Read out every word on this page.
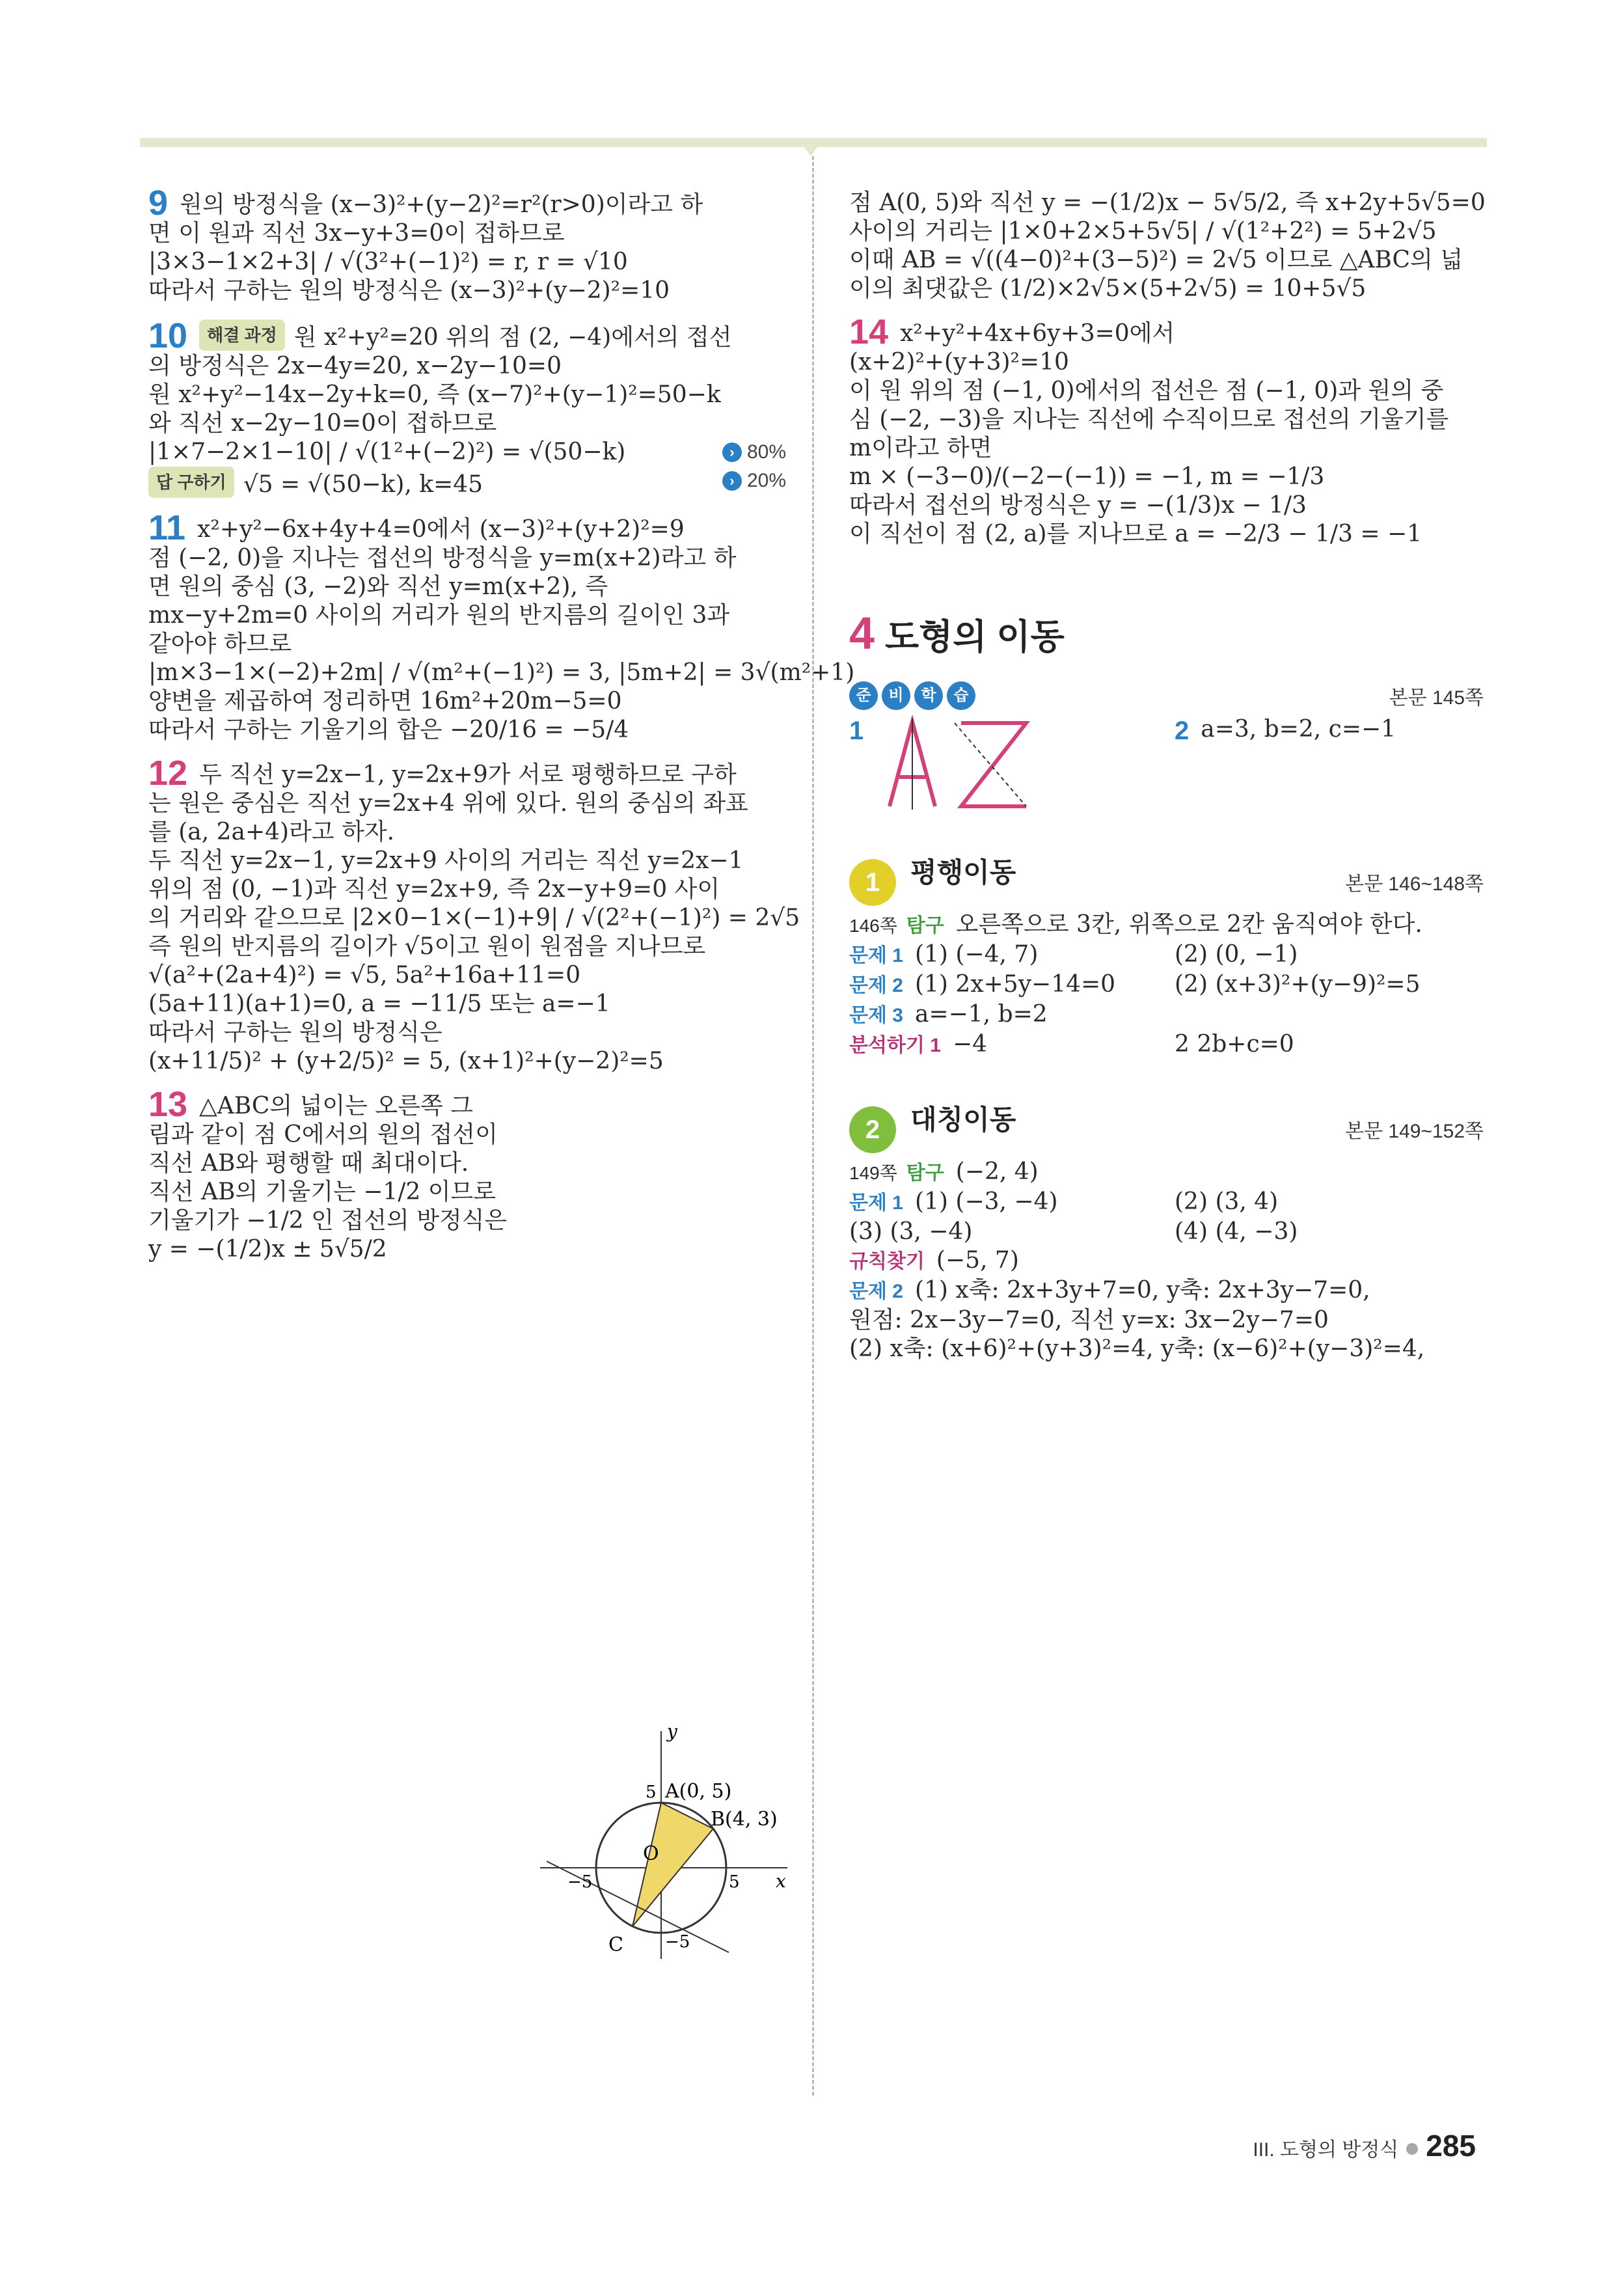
9 원의 방정식을 (x−3)²+(y−2)²=r²(r>0)이라고 하
면 이 원과 직선 3x−y+3=0이 접하므로
|3×3−1×2+3| / √(3²+(−1)²) = r, r = √10
따라서 구하는 원의 방정식은 (x−3)²+(y−2)²=10
10 해결 과정 원 x²+y²=20 위의 점 (2, −4)에서의 접선
의 방정식은 2x−4y=20, x−2y−10=0
원 x²+y²−14x−2y+k=0, 즉 (x−7)²+(y−1)²=50−k
와 직선 x−2y−10=0이 접하므로
|1×7−2×1−10| / √(1²+(−2)²) = √(50−k)	› 80%
답 구하기 √5 = √(50−k), k=45	› 20%
11 x²+y²−6x+4y+4=0에서 (x−3)²+(y+2)²=9
점 (−2, 0)을 지나는 접선의 방정식을 y=m(x+2)라고 하
면 원의 중심 (3, −2)와 직선 y=m(x+2), 즉
mx−y+2m=0 사이의 거리가 원의 반지름의 길이인 3과
같아야 하므로
|m×3−1×(−2)+2m| / √(m²+(−1)²) = 3, |5m+2| = 3√(m²+1)
양변을 제곱하여 정리하면 16m²+20m−5=0
따라서 구하는 기울기의 합은 −20/16 = −5/4
12 두 직선 y=2x−1, y=2x+9가 서로 평행하므로 구하
는 원은 중심은 직선 y=2x+4 위에 있다. 원의 중심의 좌표
를 (a, 2a+4)라고 하자.
두 직선 y=2x−1, y=2x+9 사이의 거리는 직선 y=2x−1
위의 점 (0, −1)과 직선 y=2x+9, 즉 2x−y+9=0 사이
의 거리와 같으므로 |2×0−1×(−1)+9| / √(2²+(−1)²) = 2√5
즉 원의 반지름의 길이가 √5이고 원이 원점을 지나므로
√(a²+(2a+4)²) = √5, 5a²+16a+11=0
(5a+11)(a+1)=0, a = −11/5 또는 a=−1
따라서 구하는 원의 방정식은
(x+11/5)² + (y+2/5)² = 5, (x+1)²+(y−2)²=5
13 △ABC의 넓이는 오른쪽 그
림과 같이 점 C에서의 원의 접선이
직선 AB와 평행할 때 최대이다.
직선 AB의 기울기는 −1/2 이므로
기울기가 −1/2 인 접선의 방정식은
y = −(1/2)x ± 5√5/2
y
x
A(0, 5)
B(4, 3)
C
O
5
5
−5
−5
점 A(0, 5)와 직선 y = −(1/2)x − 5√5/2, 즉 x+2y+5√5=0
사이의 거리는 |1×0+2×5+5√5| / √(1²+2²) = 5+2√5
이때 AB = √((4−0)²+(3−5)²) = 2√5 이므로 △ABC의 넓
이의 최댓값은 (1/2)×2√5×(5+2√5) = 10+5√5
14 x²+y²+4x+6y+3=0에서
(x+2)²+(y+3)²=10
이 원 위의 점 (−1, 0)에서의 접선은 점 (−1, 0)과 원의 중
심 (−2, −3)을 지나는 직선에 수직이므로 접선의 기울기를
m이라고 하면
m × (−3−0)/(−2−(−1)) = −1, m = −1/3
따라서 접선의 방정식은 y = −(1/3)x − 1/3
이 직선이 점 (2, a)를 지나므로 a = −2/3 − 1/3 = −1
4 도형의 이동
준 비 학 습	본문 145쪽
1	2 a=3, b=2, c=−1
1 평행이동	본문 146~148쪽
146쪽 탐구 오른쪽으로 3칸, 위쪽으로 2칸 움직여야 한다.
문제 1 (1) (−4, 7)	(2) (0, −1)
문제 2 (1) 2x+5y−14=0	(2) (x+3)²+(y−9)²=5
문제 3 a=−1, b=2
분석하기 1 −4	2 2b+c=0
2 대칭이동	본문 149~152쪽
149쪽 탐구 (−2, 4)
문제 1 (1) (−3, −4)	(2) (3, 4)
(3) (3, −4)	(4) (4, −3)
규칙찾기 (−5, 7)
문제 2 (1) x축: 2x+3y+7=0, y축: 2x+3y−7=0,
원점: 2x−3y−7=0, 직선 y=x: 3x−2y−7=0
(2) x축: (x+6)²+(y+3)²=4, y축: (x−6)²+(y−3)²=4,
III. 도형의 방정식 285
